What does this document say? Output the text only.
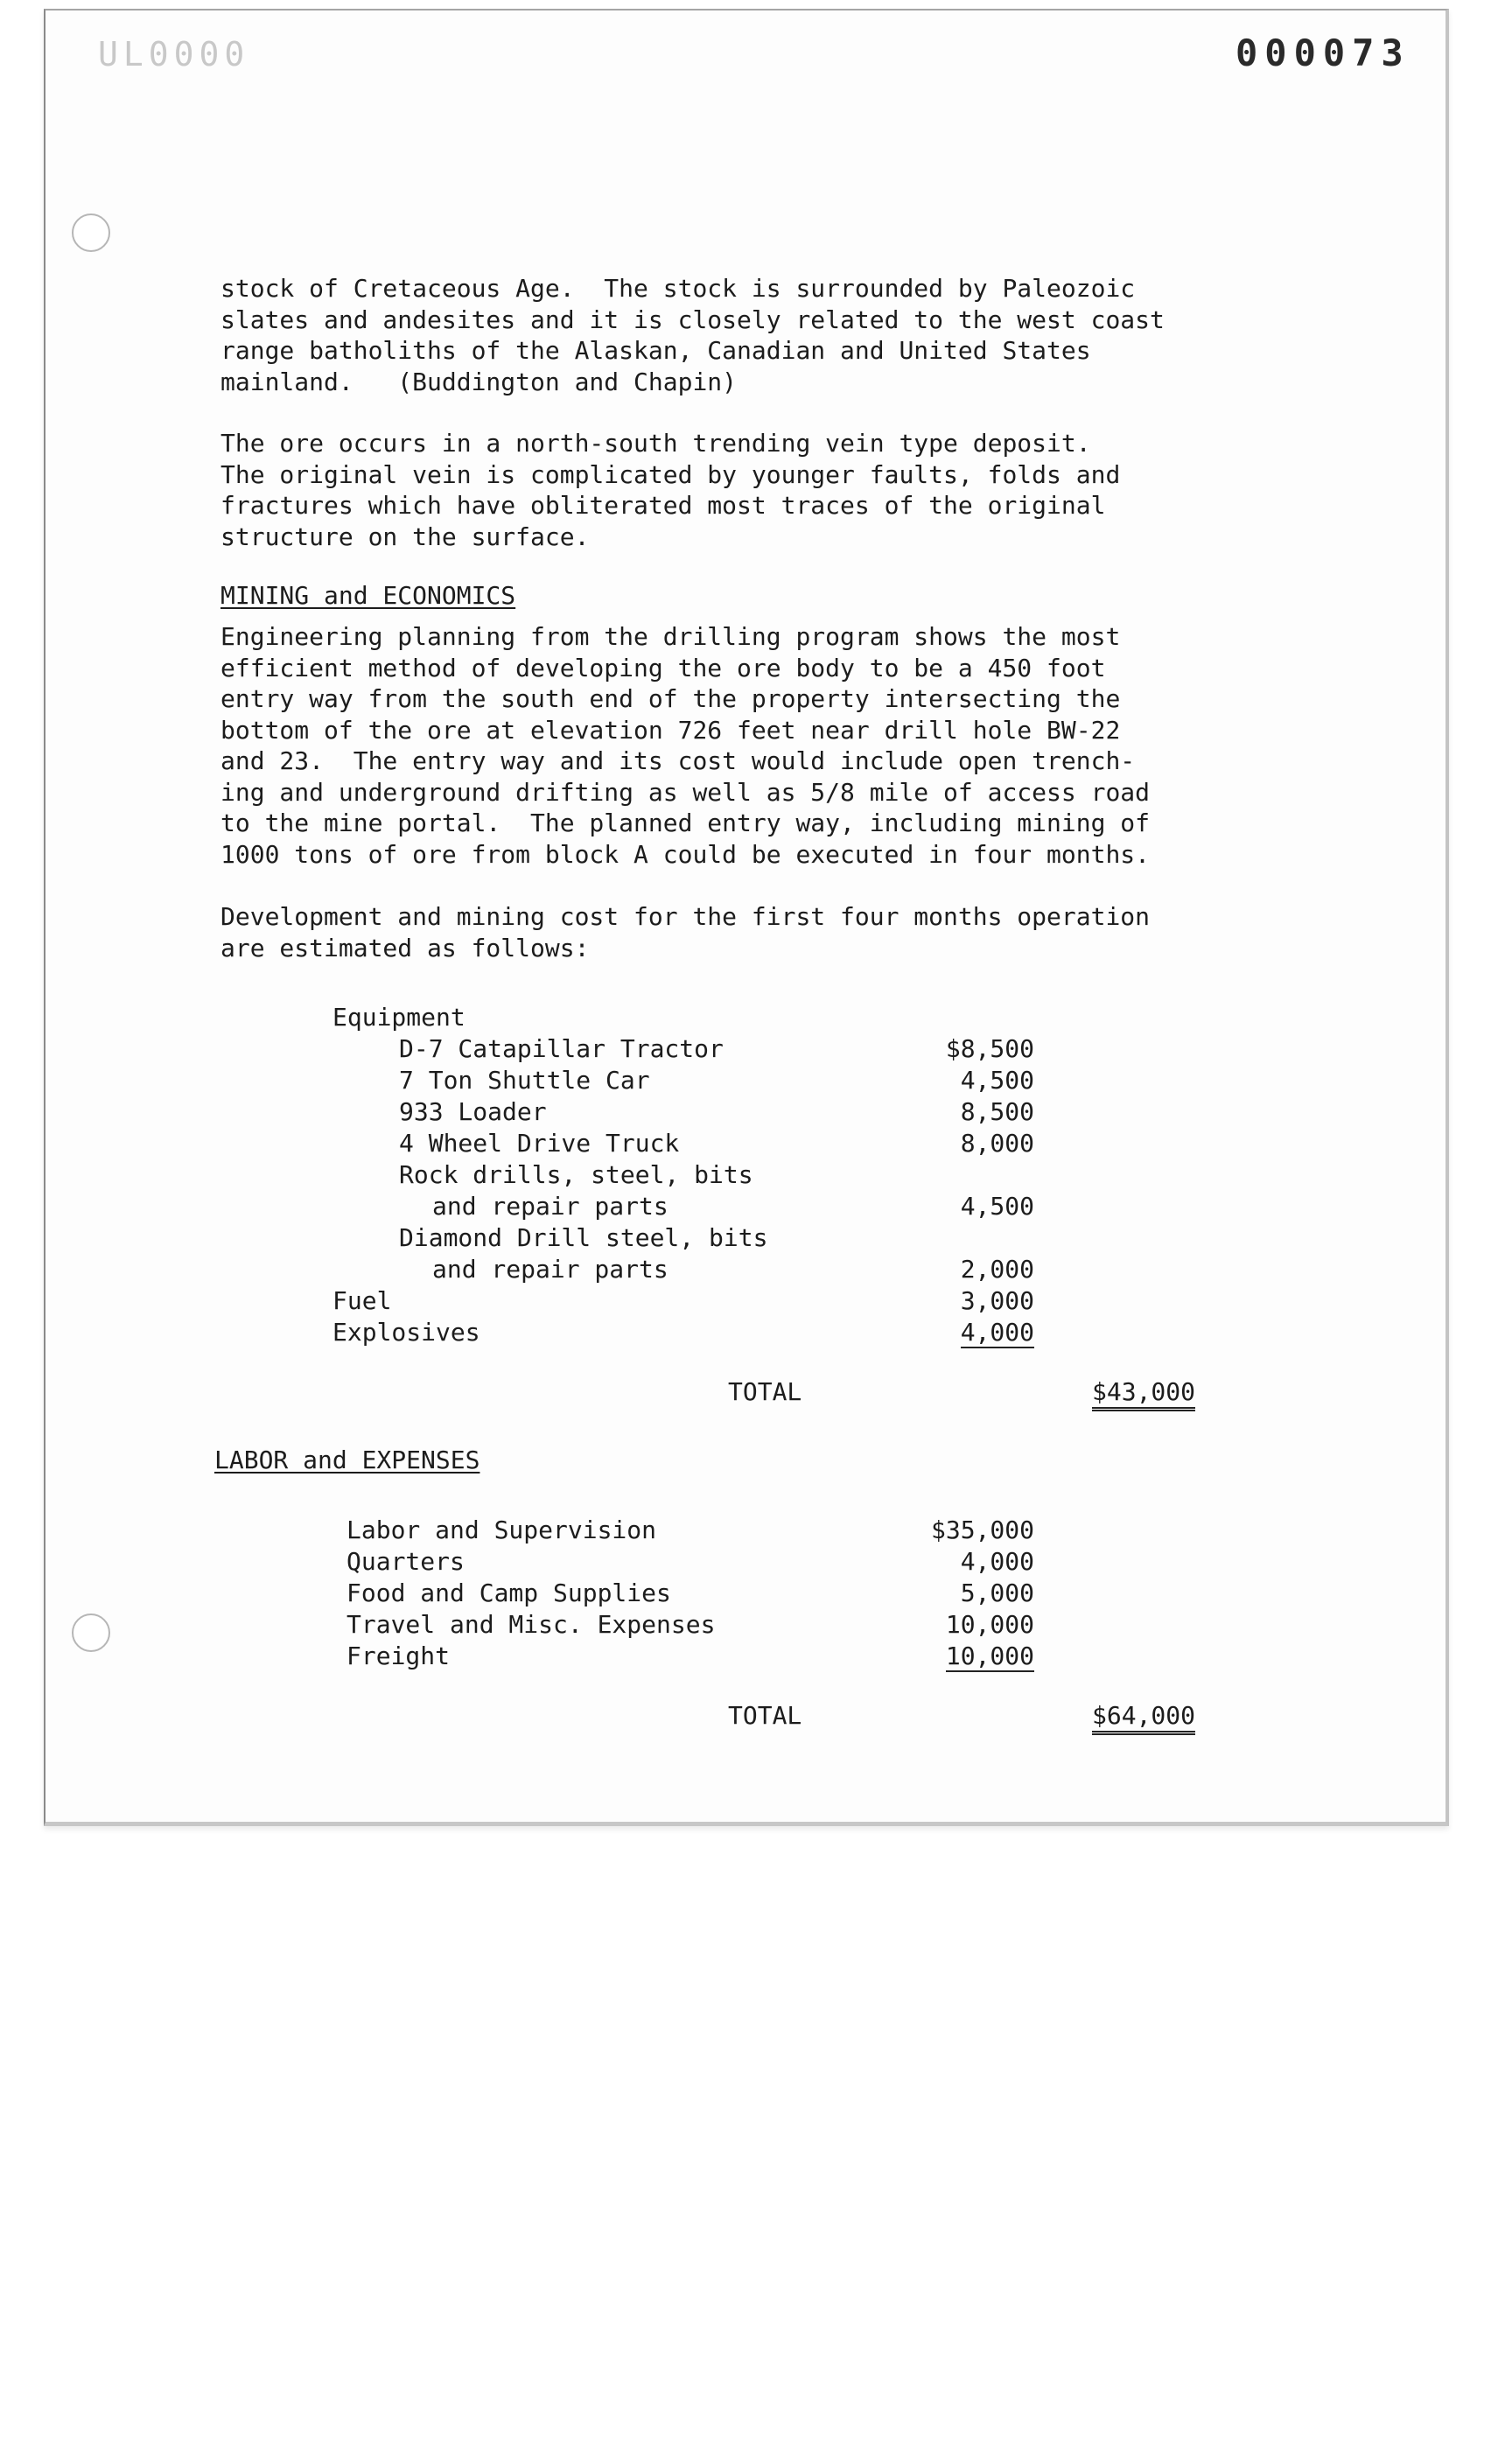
UL0000	000073
stock of Cretaceous Age.  The stock is surrounded by Paleozoic
slates and andesites and it is closely related to the west coast
range batholiths of the Alaskan, Canadian and United States
mainland.   (Buddington and Chapin)
The ore occurs in a north-south trending vein type deposit.
The original vein is complicated by younger faults, folds and
fractures which have obliterated most traces of the original
structure on the surface.
MINING and ECONOMICS
Engineering planning from the drilling program shows the most
efficient method of developing the ore body to be a 450 foot
entry way from the south end of the property intersecting the
bottom of the ore at elevation 726 feet near drill hole BW-22
and 23.  The entry way and its cost would include open trench-
ing and underground drifting as well as 5/8 mile of access road
to the mine portal.  The planned entry way, including mining of
1000 tons of ore from block A could be executed in four months.
Development and mining cost for the first four months operation
are estimated as follows:
Equipment
D-7 Catapillar Tractor	$8,500
7 Ton Shuttle Car	4,500
933 Loader	8,500
4 Wheel Drive Truck	8,000
Rock drills, steel, bits
and repair parts	4,500
Diamond Drill steel, bits
and repair parts	2,000
Fuel	3,000
Explosives	4,000
TOTAL	$43,000
LABOR and EXPENSES
Labor and Supervision	$35,000
Quarters	4,000
Food and Camp Supplies	5,000
Travel and Misc. Expenses	10,000
Freight	10,000
TOTAL	$64,000
